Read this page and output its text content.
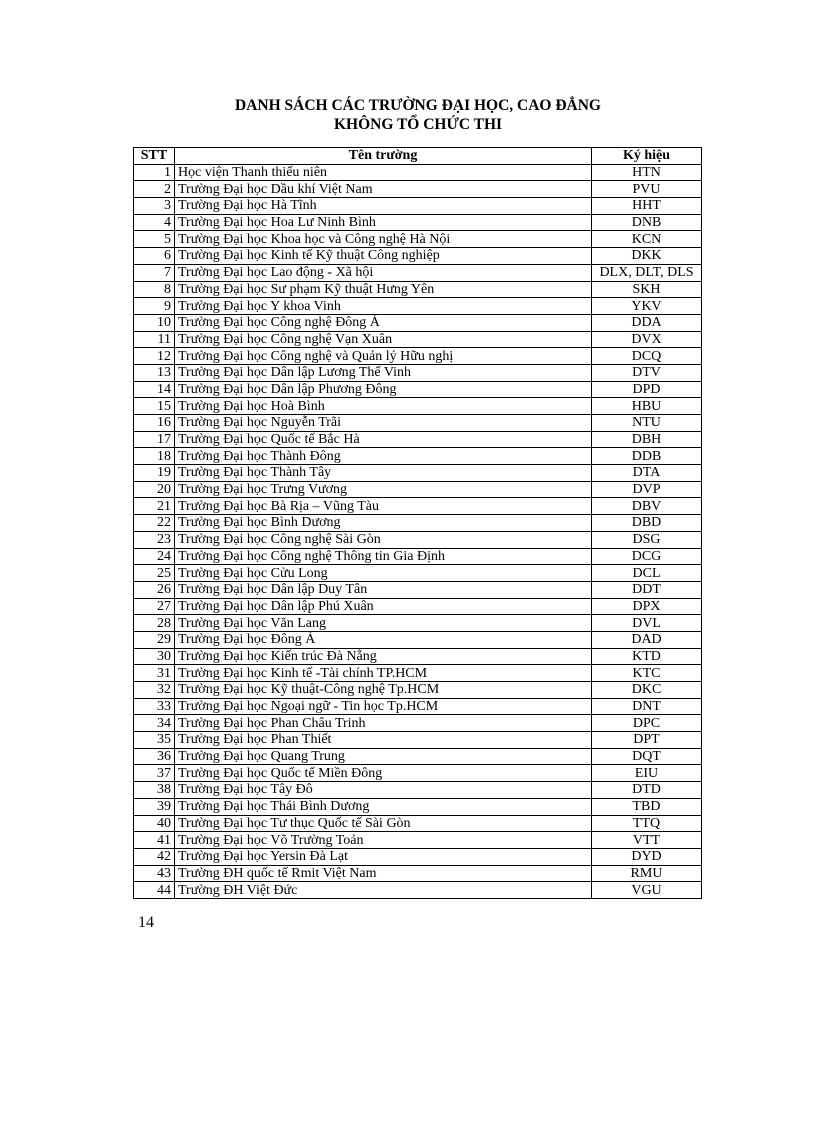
DANH SÁCH CÁC TRƯỜNG ĐẠI HỌC, CAO ĐẲNG
KHÔNG TỔ CHỨC THI
STT	Tên trường	Ký hiệu
1	Học viện Thanh thiếu niên	HTN
2	Trường Đại học Dầu khí Việt Nam	PVU
3	Trường Đại học Hà Tĩnh	HHT
4	Trường Đại học Hoa Lư Ninh Bình	DNB
5	Trường Đại học Khoa học và Công nghệ Hà Nội	KCN
6	Trường Đại học Kinh tế Kỹ thuật Công nghiệp	DKK
7	Trường Đại học Lao động - Xã hội	DLX, DLT, DLS
8	Trường Đại học Sư phạm Kỹ thuật Hưng Yên	SKH
9	Trường Đại học Y khoa Vinh	YKV
10	Trường Đại học Công nghệ Đông Á	DDA
11	Trường Đại học Công nghệ Vạn Xuân	DVX
12	Trường Đại học Công nghệ và Quản lý Hữu nghị	DCQ
13	Trường Đại học Dân lập Lương Thế Vinh	DTV
14	Trường Đại học Dân lập Phương Đông	DPD
15	Trường Đại học Hoà Bình	HBU
16	Trường Đại học Nguyễn Trãi	NTU
17	Trường Đại học Quốc tế Bắc Hà	DBH
18	Trường Đại học Thành Đông	DDB
19	Trường Đại học Thành Tây	DTA
20	Trường Đại học Trưng Vương	DVP
21	Trường Đại học Bà Rịa – Vũng Tàu	DBV
22	Trường Đại học Bình Dương	DBD
23	Trường Đại học Công nghệ Sài Gòn	DSG
24	Trường Đại học Công nghệ Thông tin Gia Định	DCG
25	Trường Đại học Cửu Long	DCL
26	Trường Đại học Dân lập Duy Tân	DDT
27	Trường Đại học Dân lập Phú Xuân	DPX
28	Trường Đại học Văn Lang	DVL
29	Trường Đại học Đông Á	DAD
30	Trường Đại học Kiến trúc Đà Nẵng	KTD
31	Trường Đại học Kinh tế -Tài chính TP.HCM	KTC
32	Trường Đại học Kỹ thuật-Công nghệ Tp.HCM	DKC
33	Trường Đại học Ngoại ngữ - Tin học Tp.HCM	DNT
34	Trường Đại học Phan Châu Trinh	DPC
35	Trường Đại học Phan Thiết	DPT
36	Trường Đại học Quang Trung	DQT
37	Trường Đại học Quốc tế Miền Đông	EIU
38	Trường Đại học Tây Đô	DTD
39	Trường Đại học Thái Bình Dương	TBD
40	Trường Đại học Tư thục Quốc tế Sài Gòn	TTQ
41	Trường Đại học Võ Trường Toản	VTT
42	Trường Đại học Yersin Đà Lạt	DYD
43	Trường ĐH quốc tế Rmit Việt Nam	RMU
44	Trường ĐH Việt Đức	VGU
14
